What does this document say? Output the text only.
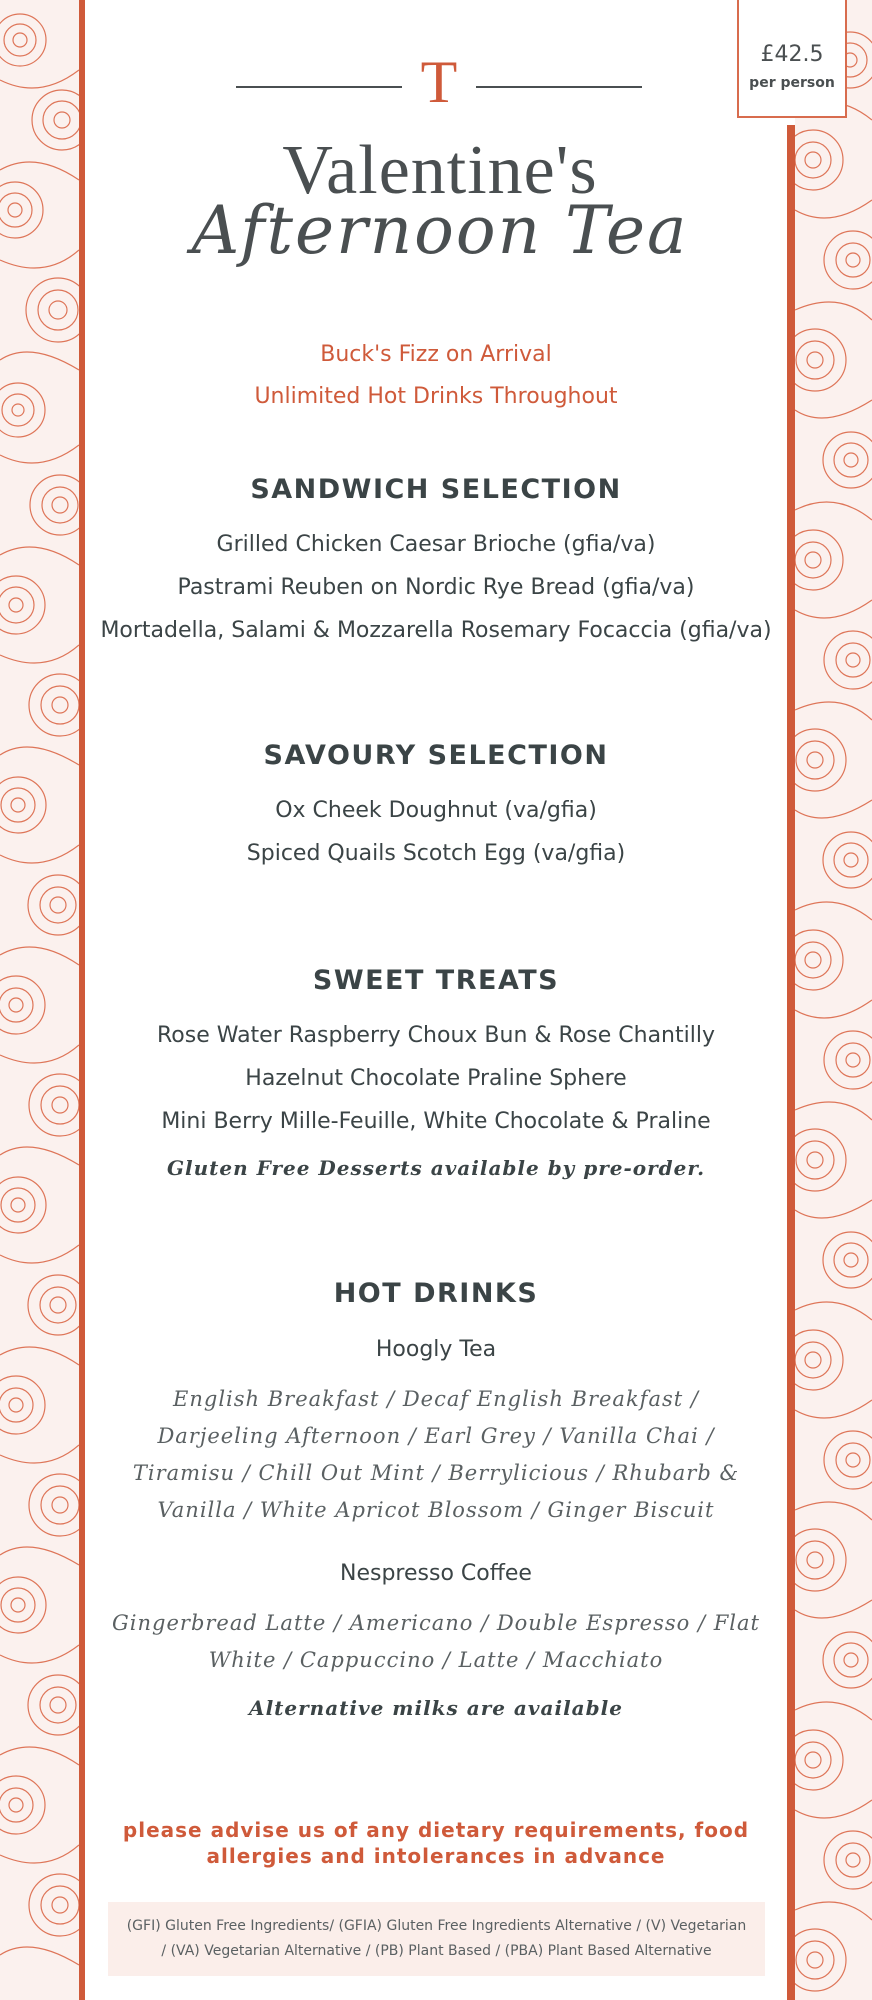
£42.5
per person
T
Valentine's
Afternoon Tea
Buck's Fizz on Arrival
Unlimited Hot Drinks Throughout
SANDWICH SELECTION
Grilled Chicken Caesar Brioche (gfia/va)
Pastrami Reuben on Nordic Rye Bread (gfia/va)
Mortadella, Salami & Mozzarella Rosemary Focaccia (gfia/va)
SAVOURY SELECTION
Ox Cheek Doughnut (va/gfia)
Spiced Quails Scotch Egg (va/gfia)
SWEET TREATS
Rose Water Raspberry Choux Bun & Rose Chantilly
Hazelnut Chocolate Praline Sphere
Mini Berry Mille-Feuille, White Chocolate & Praline
Gluten Free Desserts available by pre-order.
HOT DRINKS
Hoogly Tea
English Breakfast / Decaf English Breakfast /
Darjeeling Afternoon / Earl Grey / Vanilla Chai /
Tiramisu / Chill Out Mint / Berrylicious / Rhubarb &
Vanilla / White Apricot Blossom / Ginger Biscuit
Nespresso Coffee
Gingerbread Latte / Americano / Double Espresso / Flat
White / Cappuccino / Latte / Macchiato
Alternative milks are available
please advise us of any dietary requirements, food
allergies and intolerances in advance
(GFI) Gluten Free Ingredients/ (GFIA) Gluten Free Ingredients Alternative / (V) Vegetarian
/ (VA) Vegetarian Alternative / (PB) Plant Based / (PBA) Plant Based Alternative
